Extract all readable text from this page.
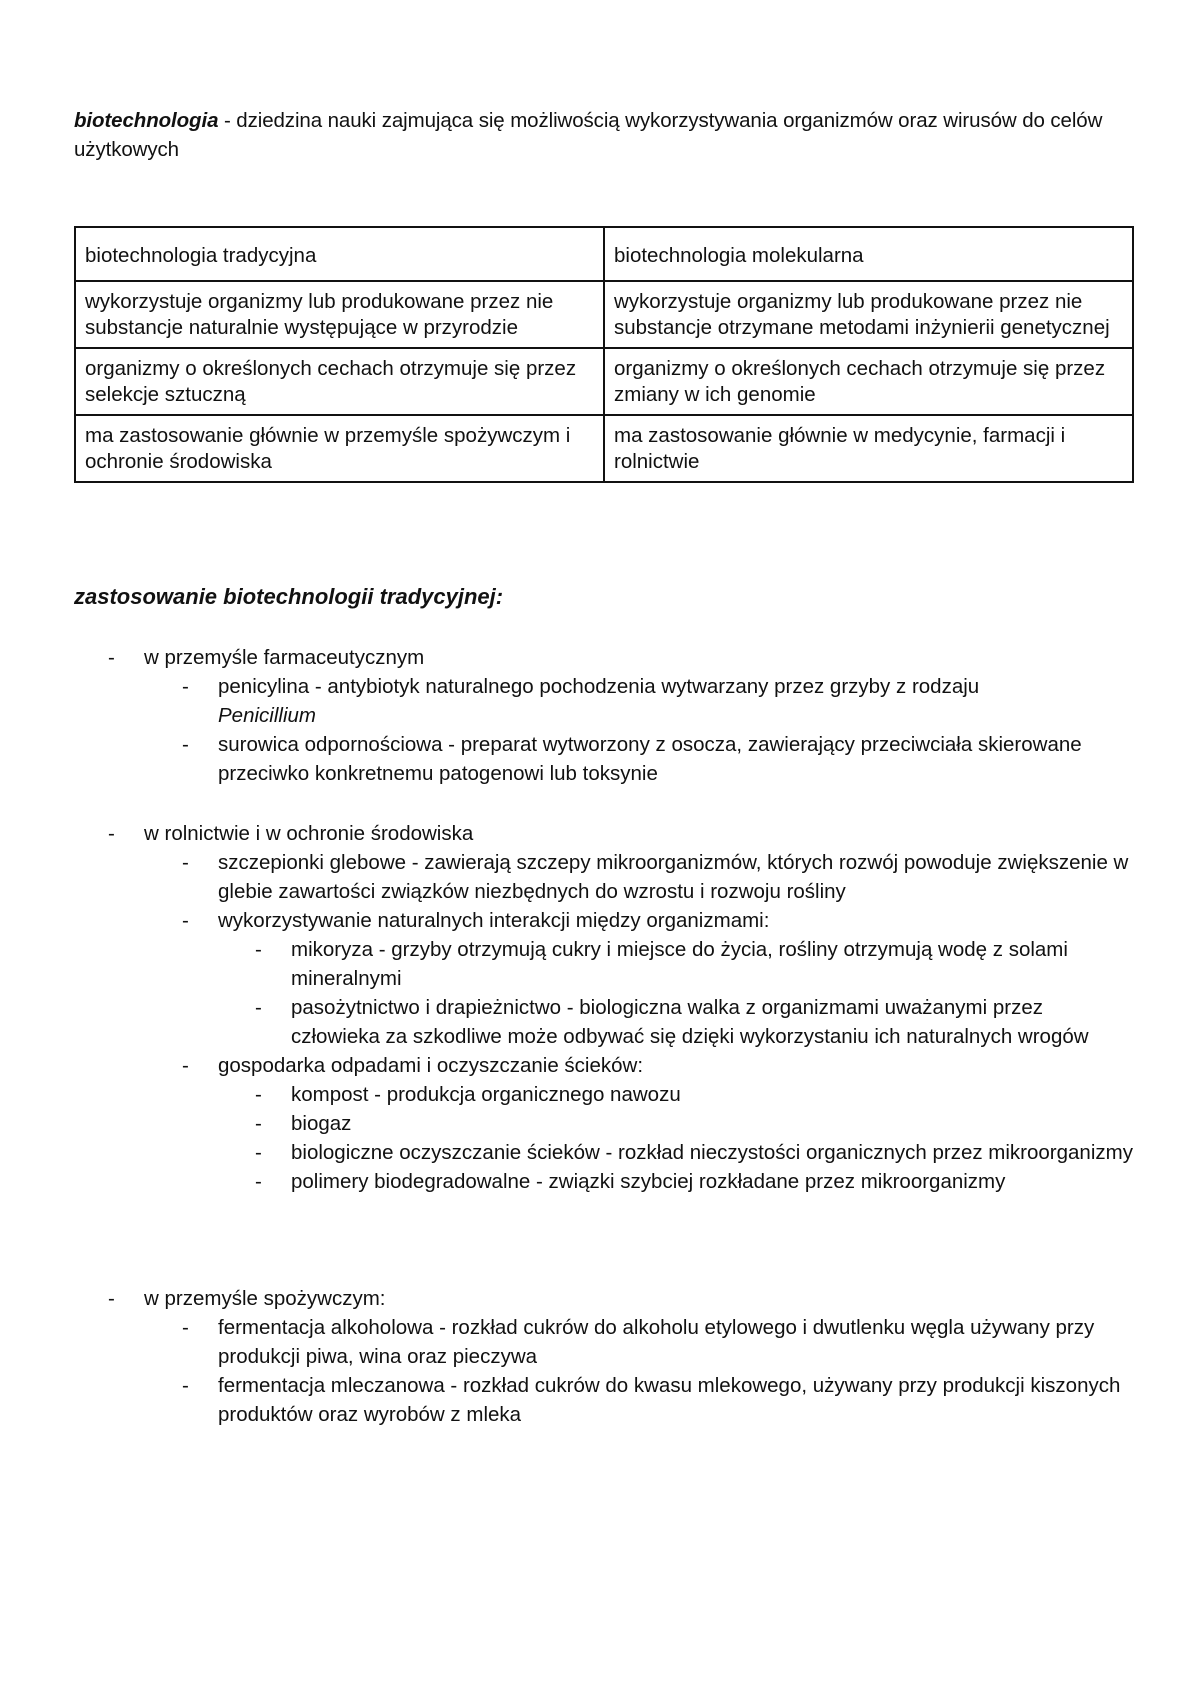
biotechnologia - dziedzina nauki zajmująca się możliwością wykorzystywania organizmów oraz wirusów do celów użytkowych
biotechnologia tradycyjna	biotechnologia molekularna
wykorzystuje organizmy lub produkowane przez nie substancje naturalnie występujące w przyrodzie	wykorzystuje organizmy lub produkowane przez nie substancje otrzymane metodami inżynierii genetycznej
organizmy o określonych cechach otrzymuje się przez selekcje sztuczną	organizmy o określonych cechach otrzymuje się przez zmiany w ich genomie
ma zastosowanie głównie w przemyśle spożywczym i ochronie środowiska	ma zastosowanie głównie w medycynie, farmacji i rolnictwie
zastosowanie biotechnologii tradycyjnej:
- w przemyśle farmaceutycznym
- penicylina - antybiotyk naturalnego pochodzenia wytwarzany przez grzyby z rodzaju
Penicillium
- surowica odpornościowa - preparat wytworzony z osocza, zawierający przeciwciała skierowane przeciwko konkretnemu patogenowi lub toksynie
- w rolnictwie i w ochronie środowiska
- szczepionki glebowe - zawierają szczepy mikroorganizmów, których rozwój powoduje zwiększenie w glebie zawartości związków niezbędnych do wzrostu i rozwoju rośliny
- wykorzystywanie naturalnych interakcji między organizmami:
- mikoryza - grzyby otrzymują cukry i miejsce do życia, rośliny otrzymują wodę z solami mineralnymi
- pasożytnictwo i drapieżnictwo - biologiczna walka z organizmami uważanymi przez człowieka za szkodliwe może odbywać się dzięki wykorzystaniu ich naturalnych wrogów
- gospodarka odpadami i oczyszczanie ścieków:
- kompost - produkcja organicznego nawozu
- biogaz
- biologiczne oczyszczanie ścieków - rozkład nieczystości organicznych przez mikroorganizmy
- polimery biodegradowalne - związki szybciej rozkładane przez mikroorganizmy
- w przemyśle spożywczym:
- fermentacja alkoholowa - rozkład cukrów do alkoholu etylowego i dwutlenku węgla używany przy produkcji piwa, wina oraz pieczywa
- fermentacja mleczanowa - rozkład cukrów do kwasu mlekowego, używany przy produkcji kiszonych produktów oraz wyrobów z mleka
